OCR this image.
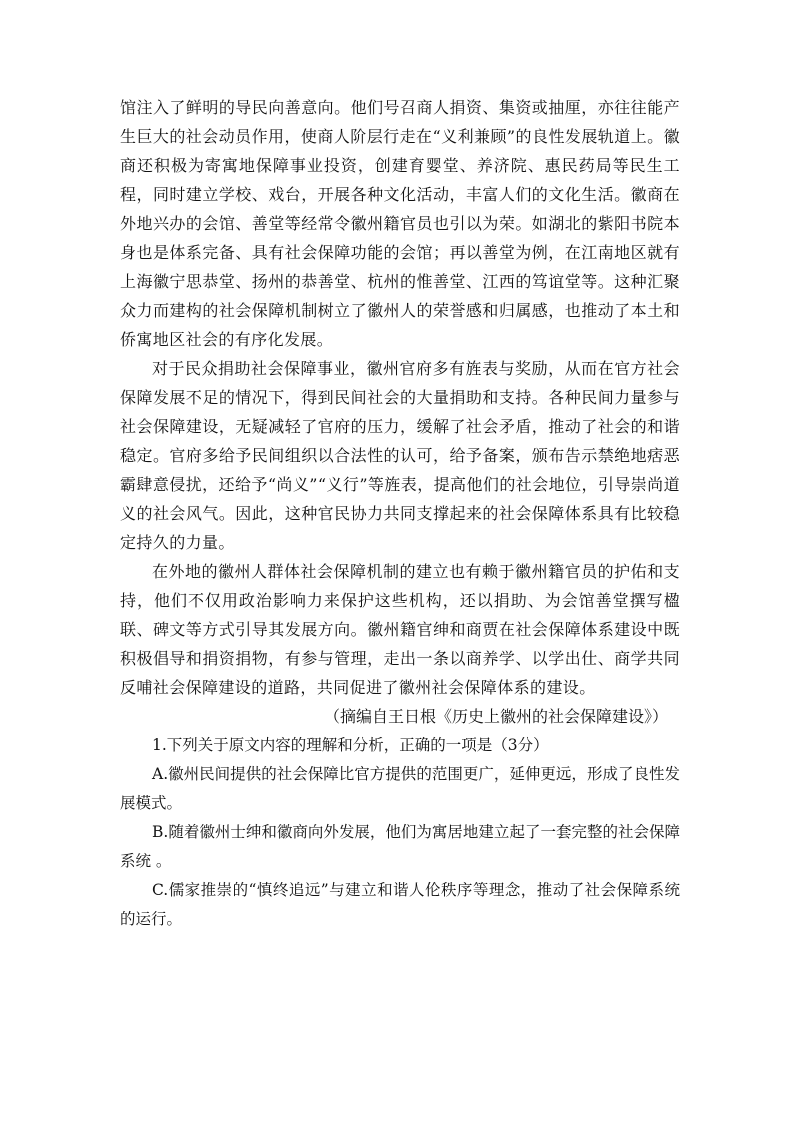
馆注入了鲜明的导民向善意向。他们号召商人捐资、集资或抽厘，亦往往能产生巨大的社会动员作用，使商人阶层行走在“义利兼顾”的良性发展轨道上。徽商还积极为寄寓地保障事业投资，创建育婴堂、养济院、惠民药局等民生工程，同时建立学校、戏台，开展各种文化活动，丰富人们的文化生活。徽商在外地兴办的会馆、善堂等经常令徽州籍官员也引以为荣。如湖北的紫阳书院本身也是体系完备、具有社会保障功能的会馆；再以善堂为例，在江南地区就有上海徽宁思恭堂、扬州的恭善堂、杭州的惟善堂、江西的笃谊堂等。这种汇聚众力而建构的社会保障机制树立了徽州人的荣誉感和归属感，也推动了本土和侨寓地区社会的有序化发展。

对于民众捐助社会保障事业，徽州官府多有旌表与奖励，从而在官方社会保障发展不足的情况下，得到民间社会的大量捐助和支持。各种民间力量参与社会保障建设，无疑减轻了官府的压力，缓解了社会矛盾，推动了社会的和谐稳定。官府多给予民间组织以合法性的认可，给予备案，颁布告示禁绝地痞恶霸肆意侵扰，还给予“尚义”“义行”等旌表，提高他们的社会地位，引导崇尚道义的社会风气。因此，这种官民协力共同支撑起来的社会保障体系具有比较稳定持久的力量。

在外地的徽州人群体社会保障机制的建立也有赖于徽州籍官员的护佑和支持，他们不仅用政治影响力来保护这些机构，还以捐助、为会馆善堂撰写楹联、碑文等方式引导其发展方向。徽州籍官绅和商贾在社会保障体系建设中既积极倡导和捐资捐物，有参与管理，走出一条以商养学、以学出仕、商学共同反哺社会保障建设的道路，共同促进了徽州社会保障体系的建设。

（摘编自王日根《历史上徽州的社会保障建设》）

1.下列关于原文内容的理解和分析，正确的一项是（3分）

A.徽州民间提供的社会保障比官方提供的范围更广，延伸更远，形成了良性发展模式。

B.随着徽州士绅和徽商向外发展，他们为寓居地建立起了一套完整的社会保障系统 。

C.儒家推崇的“慎终追远”与建立和谐人伦秩序等理念，推动了社会保障系统的运行。
